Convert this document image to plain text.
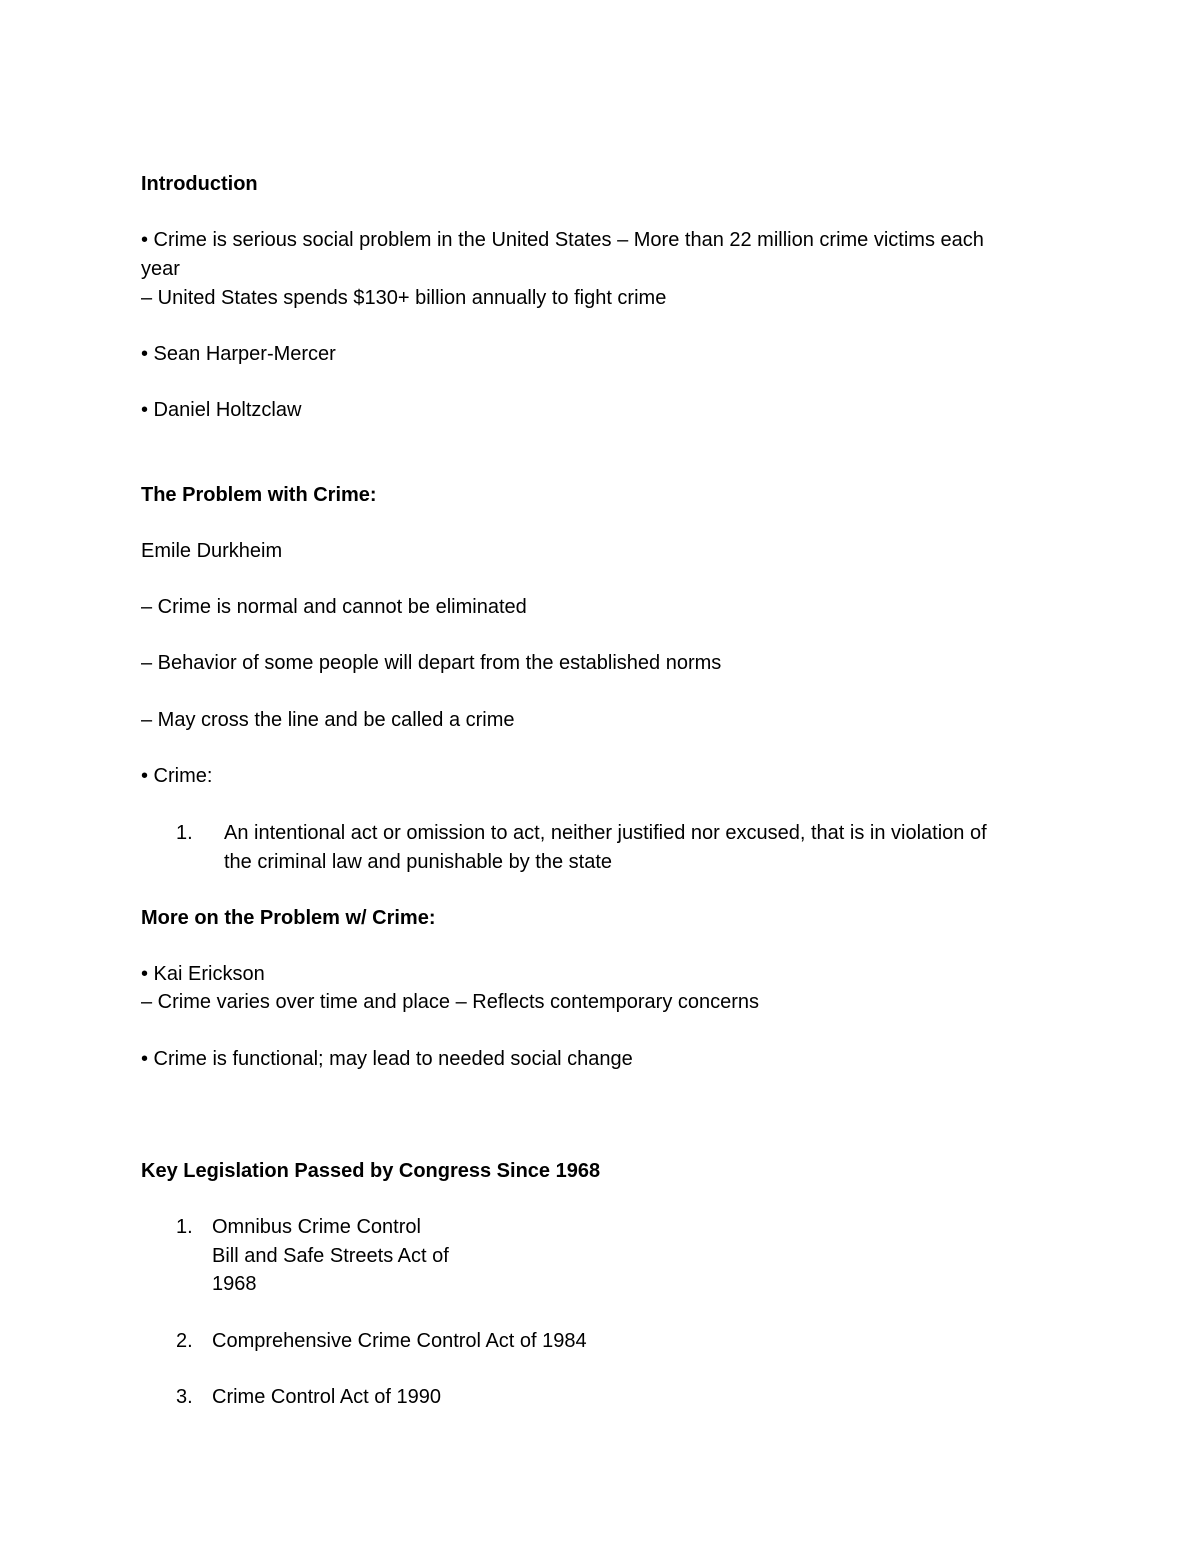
Introduction
• Crime is serious social problem in the United States – More than 22 million crime victims each
year
– United States spends $130+ billion annually to fight crime
• Sean Harper-Mercer
• Daniel Holtzclaw
The Problem with Crime:
Emile Durkheim
– Crime is normal and cannot be eliminated
– Behavior of some people will depart from the established norms
– May cross the line and be called a crime
• Crime:
1. An intentional act or omission to act, neither justified nor excused, that is in violation of
the criminal law and punishable by the state
More on the Problem w/ Crime:
• Kai Erickson
– Crime varies over time and place – Reflects contemporary concerns
• Crime is functional; may lead to needed social change
Key Legislation Passed by Congress Since 1968
1. Omnibus Crime Control
Bill and Safe Streets Act of
1968
2. Comprehensive Crime Control Act of 1984
3. Crime Control Act of 1990
